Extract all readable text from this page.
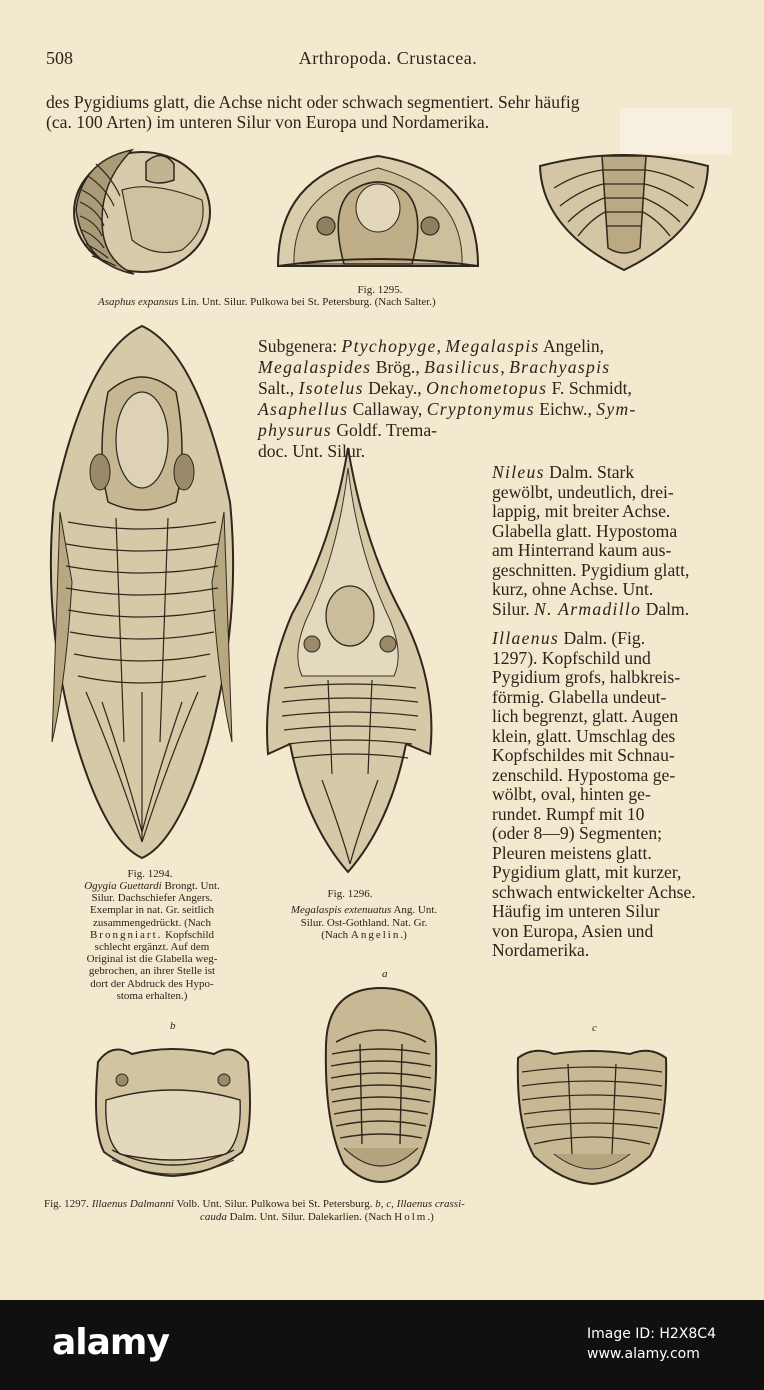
508	Arthropoda. Crustacea.
des Pygidiums glatt, die Achse nicht oder schwach segmentiert. Sehr häufig
(ca. 100 Arten) im unteren Silur von Europa und Nordamerika.
Fig. 1295.
Asaphus expansus Lin. Unt. Silur. Pulkowa bei St. Petersburg. (Nach Salter.)
Subgenera: Ptychopyge, Megalaspis Angelin,
Megalaspides Brög., Basilicus, Brachyaspis
Salt., Isotelus Dekay., Onchometopus F. Schmidt,
Asaphellus Callaway, Cryptonymus Eichw., Sym-
physurus Goldf. Trema-
doc. Unt. Silur.
Nileus Dalm. Stark
gewölbt, undeutlich, drei-
lappig, mit breiter Achse.
Glabella glatt. Hypostoma
am Hinterrand kaum aus-
geschnitten. Pygidium glatt,
kurz, ohne Achse. Unt.
Silur. N. Armadillo Dalm.
Illaenus Dalm. (Fig.
1297). Kopfschild und
Pygidium grofs, halbkreis-
förmig. Glabella undeut-
lich begrenzt, glatt. Augen
klein, glatt. Umschlag des
Kopfschildes mit Schnau-
zenschild. Hypostoma ge-
wölbt, oval, hinten ge-
rundet. Rumpf mit 10
(oder 8—9) Segmenten;
Pleuren meistens glatt.
Pygidium glatt, mit kurzer,
schwach entwickelter Achse.
Häufig im unteren Silur
von Europa, Asien und
Nordamerika.
Fig. 1294.
Ogygia Guettardi Brongt. Unt.
Silur. Dachschiefer Angers.
Exemplar in nat. Gr. seitlich
zusammengedrückt. (Nach
Brongniart. Kopfschild
schlecht ergänzt. Auf dem
Original ist die Glabella weg-
gebrochen, an ihrer Stelle ist
dort der Abdruck des Hypo-
stoma erhalten.)
Fig. 1296.
Megalaspis extenuatus Ang. Unt.
Silur. Ost-Gothland. Nat. Gr.
(Nach Angelin.)
a
b	c
Fig. 1297. Illaenus Dalmanni Volb. Unt. Silur. Pulkowa bei St. Petersburg. b, c, Illaenus crassi-
cauda Dalm. Unt. Silur. Dalekarlien. (Nach Holm.)
alamy	Image ID: H2X8C4
www.alamy.com
